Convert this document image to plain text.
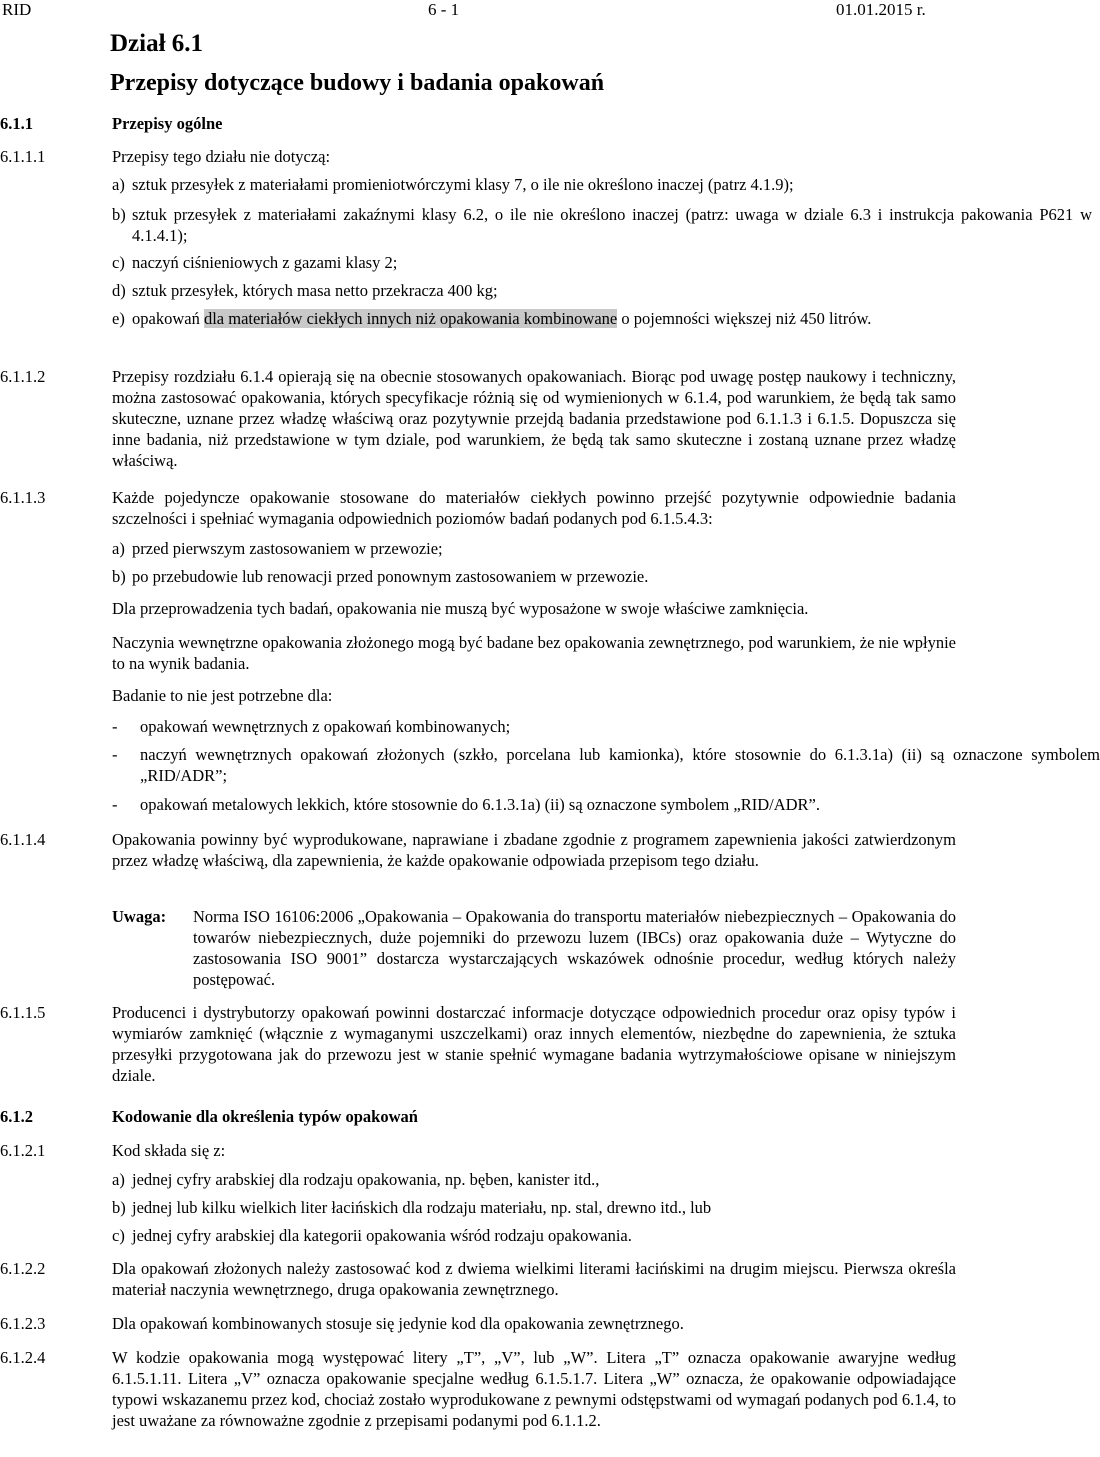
RID	6 - 1	01.01.2015 r.
Dział 6.1
Przepisy dotyczące budowy i badania opakowań
6.1.1	Przepisy ogólne
6.1.1.1	Przepisy tego działu nie dotyczą:
a) sztuk przesyłek z materiałami promieniotwórczymi klasy 7, o ile nie określono inaczej (patrz 4.1.9);
b) sztuk przesyłek z materiałami zakaźnymi klasy 6.2, o ile nie określono inaczej (patrz: uwaga w dziale 6.3 i instrukcja pakowania P621 w 4.1.4.1);
c) naczyń ciśnieniowych z gazami klasy 2;
d) sztuk przesyłek, których masa netto przekracza 400 kg;
e) opakowań dla materiałów ciekłych innych niż opakowania kombinowane o pojemności większej niż 450 litrów.
6.1.1.2	Przepisy rozdziału 6.1.4 opierają się na obecnie stosowanych opakowaniach. Biorąc pod uwagę postęp naukowy i techniczny, można zastosować opakowania, których specyfikacje różnią się od wymienionych w 6.1.4, pod warunkiem, że będą tak samo skuteczne, uznane przez władzę właściwą oraz pozytywnie przejdą badania przedstawione pod 6.1.1.3 i 6.1.5. Dopuszcza się inne badania, niż przedstawione w tym dziale, pod warunkiem, że będą tak samo skuteczne i zostaną uznane przez władzę właściwą.
6.1.1.3	Każde pojedyncze opakowanie stosowane do materiałów ciekłych powinno przejść pozytywnie odpowiednie badania szczelności i spełniać wymagania odpowiednich poziomów badań podanych pod 6.1.5.4.3:
a) przed pierwszym zastosowaniem w przewozie;
b) po przebudowie lub renowacji przed ponownym zastosowaniem w przewozie.
Dla przeprowadzenia tych badań, opakowania nie muszą być wyposażone w swoje właściwe zamknięcia.
Naczynia wewnętrzne opakowania złożonego mogą być badane bez opakowania zewnętrznego, pod warunkiem, że nie wpłynie to na wynik badania.
Badanie to nie jest potrzebne dla:
- opakowań wewnętrznych z opakowań kombinowanych;
- naczyń wewnętrznych opakowań złożonych (szkło, porcelana lub kamionka), które stosownie do 6.1.3.1a) (ii) są oznaczone symbolem „RID/ADR”;
- opakowań metalowych lekkich, które stosownie do 6.1.3.1a) (ii) są oznaczone symbolem „RID/ADR”.
6.1.1.4	Opakowania powinny być wyprodukowane, naprawiane i zbadane zgodnie z programem zapewnienia jakości zatwierdzonym przez władzę właściwą, dla zapewnienia, że każde opakowanie odpowiada przepisom tego działu.
Uwaga: Norma ISO 16106:2006 „Opakowania – Opakowania do transportu materiałów niebezpiecznych – Opakowania do towarów niebezpiecznych, duże pojemniki do przewozu luzem (IBCs) oraz opakowania duże – Wytyczne do zastosowania ISO 9001” dostarcza wystarczających wskazówek odnośnie procedur, według których należy postępować.
6.1.1.5	Producenci i dystrybutorzy opakowań powinni dostarczać informacje dotyczące odpowiednich procedur oraz opisy typów i wymiarów zamknięć (włącznie z wymaganymi uszczelkami) oraz innych elementów, niezbędne do zapewnienia, że sztuka przesyłki przygotowana jak do przewozu jest w stanie spełnić wymagane badania wytrzymałościowe opisane w niniejszym dziale.
6.1.2	Kodowanie dla określenia typów opakowań
6.1.2.1	Kod składa się z:
a) jednej cyfry arabskiej dla rodzaju opakowania, np. bęben, kanister itd.,
b) jednej lub kilku wielkich liter łacińskich dla rodzaju materiału, np. stal, drewno itd., lub
c) jednej cyfry arabskiej dla kategorii opakowania wśród rodzaju opakowania.
6.1.2.2	Dla opakowań złożonych należy zastosować kod z dwiema wielkimi literami łacińskimi na drugim miejscu. Pierwsza określa materiał naczynia wewnętrznego, druga opakowania zewnętrznego.
6.1.2.3	Dla opakowań kombinowanych stosuje się jedynie kod dla opakowania zewnętrznego.
6.1.2.4	W kodzie opakowania mogą występować litery „T”, „V”, lub „W”. Litera „T” oznacza opakowanie awaryjne według 6.1.5.1.11. Litera „V” oznacza opakowanie specjalne według 6.1.5.1.7. Litera „W” oznacza, że opakowanie odpowiadające typowi wskazanemu przez kod, chociaż zostało wyprodukowane z pewnymi odstępstwami od wymagań podanych pod 6.1.4, to jest uważane za równoważne zgodnie z przepisami podanymi pod 6.1.1.2.
